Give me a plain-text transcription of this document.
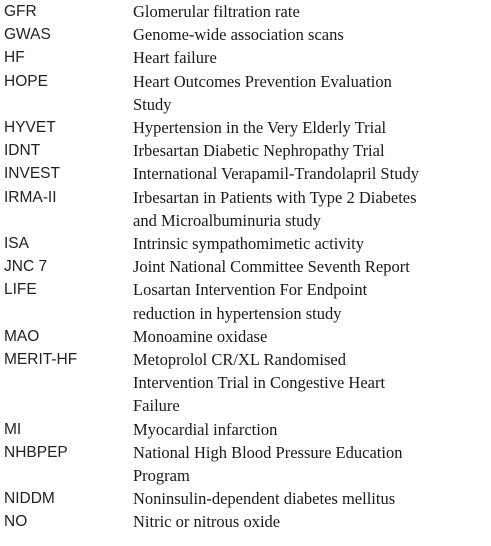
GFR	Glomerular filtration rate
GWAS	Genome-wide association scans
HF	Heart failure
HOPE	Heart Outcomes Prevention Evaluation
Study
HYVET	Hypertension in the Very Elderly Trial
IDNT	Irbesartan Diabetic Nephropathy Trial
INVEST	International Verapamil-Trandolapril Study
IRMA-II	Irbesartan in Patients with Type 2 Diabetes
and Microalbuminuria study
ISA	Intrinsic sympathomimetic activity
JNC 7	Joint National Committee Seventh Report
LIFE	Losartan Intervention For Endpoint
reduction in hypertension study
MAO	Monoamine oxidase
MERIT-HF	Metoprolol CR/XL Randomised
Intervention Trial in Congestive Heart
Failure
MI	Myocardial infarction
NHBPEP	National High Blood Pressure Education
Program
NIDDM	Noninsulin-dependent diabetes mellitus
NO	Nitric or nitrous oxide
